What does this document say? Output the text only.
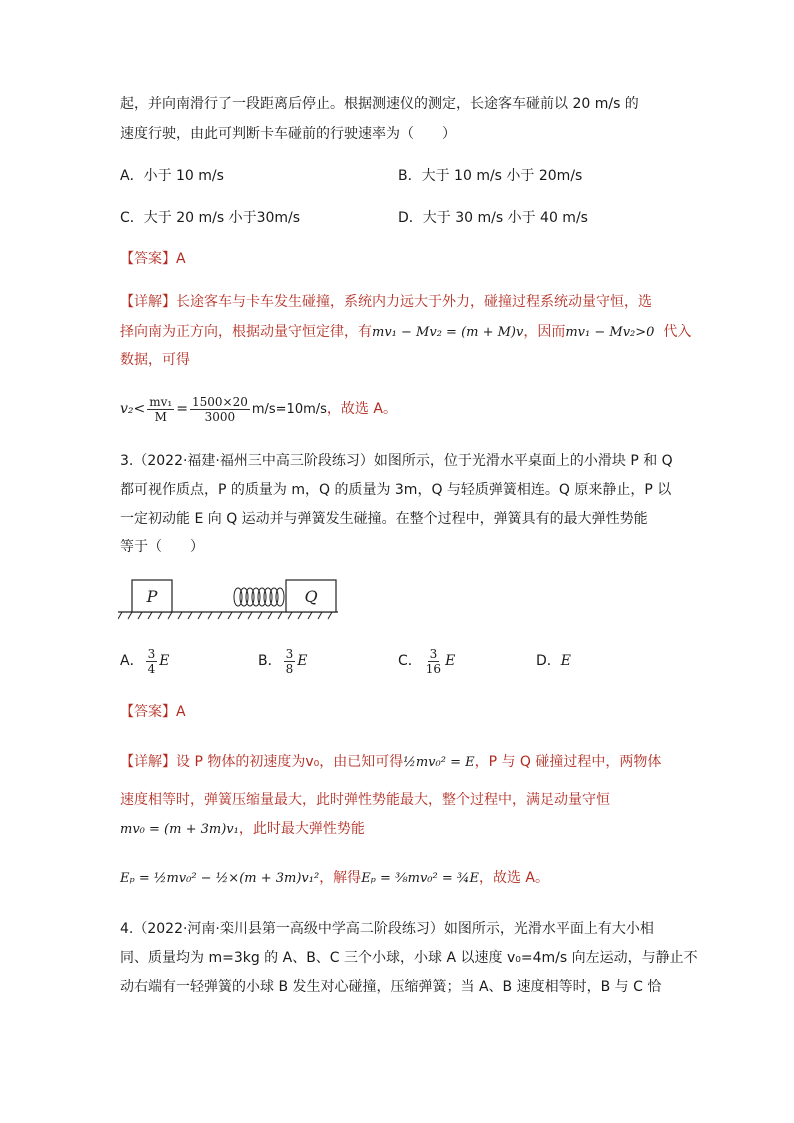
起，并向南滑行了一段距离后停止。根据测速仪的测定，长途客车碰前以 20 m/s 的
速度行驶，由此可判断卡车碰前的行驶速率为（　　）
A．小于 10 m/s	B．大于 10 m/s 小于 20m/s
C．大于 20 m/s 小于30m/s	D．大于 30 m/s 小于 40 m/s
【答案】A
【详解】长途客车与卡车发生碰撞，系统内力远大于外力，碰撞过程系统动量守恒，选
择向南为正方向，根据动量守恒定律，有mv₁ − Mv₂ = (m + M)v，因而mv₁ − Mv₂>0 代入
数据，可得
$v_2< \frac{\text{mv₁}}{M} = \frac{1500\times 20}{3000} m/s=10m/s$，故选 A。
3.（2022·福建·福州三中高三阶段练习）如图所示，位于光滑水平桌面上的小滑块 P 和 Q
都可视作质点，P 的质量为 m，Q 的质量为 3m，Q 与轻质弹簧相连。Q 原来静止，P 以
一定初动能 E 向 Q 运动并与弹簧发生碰撞。在整个过程中，弹簧具有的最大弹性势能
等于（　　）
P	Q
A． $\frac{3}{4}$ E	B． $\frac{3}{8}$ E	C． $\frac{3}{16}$ E	D．E
【答案】A
【详解】设 P 物体的初速度为v₀，由已知可得½mv₀² = E，P 与 Q 碰撞过程中，两物体
速度相等时，弹簧压缩量最大，此时弹性势能最大，整个过程中，满足动量守恒
mv₀ = (m + 3m)v₁，此时最大弹性势能
Eₚ = ½mv₀² − ½×(m + 3m)v₁²，解得Eₚ = ⅜mv₀² = ¾E，故选 A。
4.（2022·河南·栾川县第一高级中学高二阶段练习）如图所示，光滑水平面上有大小相
同、质量均为 m=3kg 的 A、B、C 三个小球，小球 A 以速度 v₀=4m/s 向左运动，与静止不
动右端有一轻弹簧的小球 B 发生对心碰撞，压缩弹簧；当 A、B 速度相等时，B 与 C 恰
